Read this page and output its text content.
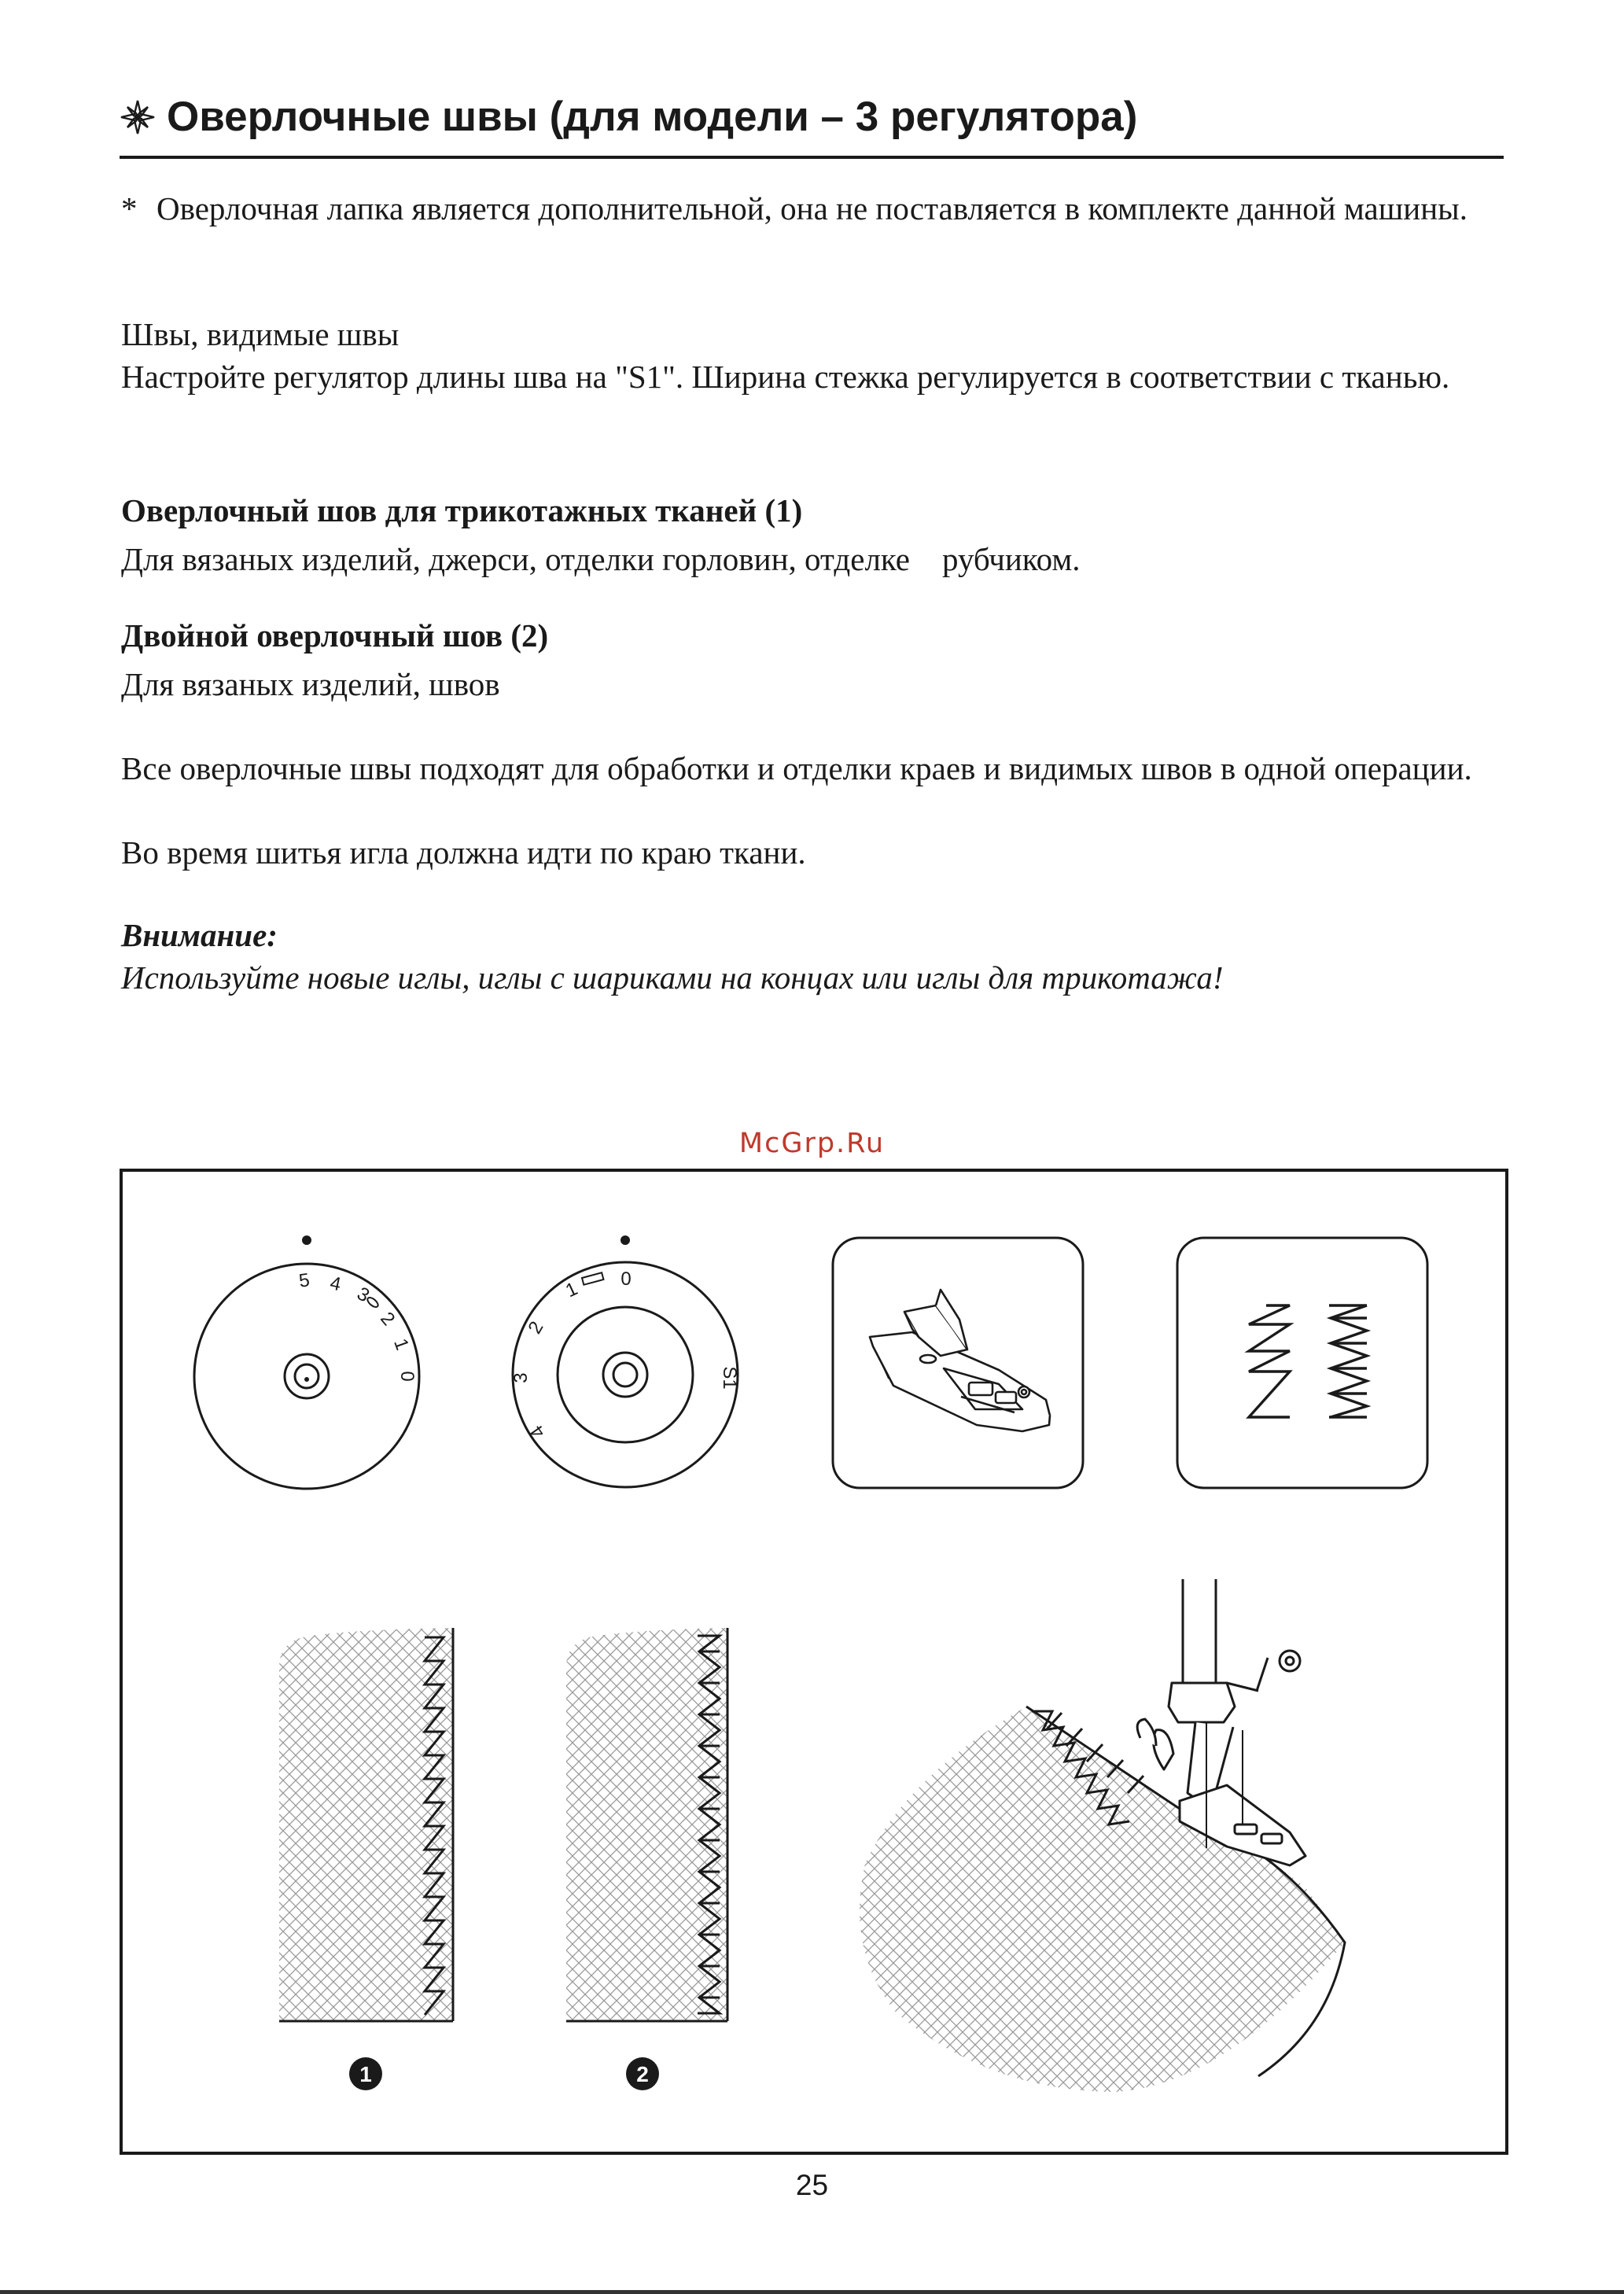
Оверлочные швы (для модели – 3 регулятора)
* Оверлочная лапка является дополнительной, она не поставляется в комплекте данной машины.
Швы, видимые швы
Настройте регулятор длины шва на "S1". Ширина стежка регулируется в соответствии с тканью.
Оверлочный шов для трикотажных тканей (1)
Для вязаных изделий, джерси, отделки горловин, отделке    рубчиком.
Двойной оверлочный шов (2)
Для вязаных изделий, швов
Все оверлочные швы подходят для обработки и отделки краев и видимых швов в одной операции.
Во время шитья игла должна идти по краю ткани.
Внимание:
Используйте новые иглы, иглы с шариками на концах или иглы для трикотажа!
McGrp.Ru
5 4 3
2
1
0
1 0
2
3
4
S1
1	2
25
